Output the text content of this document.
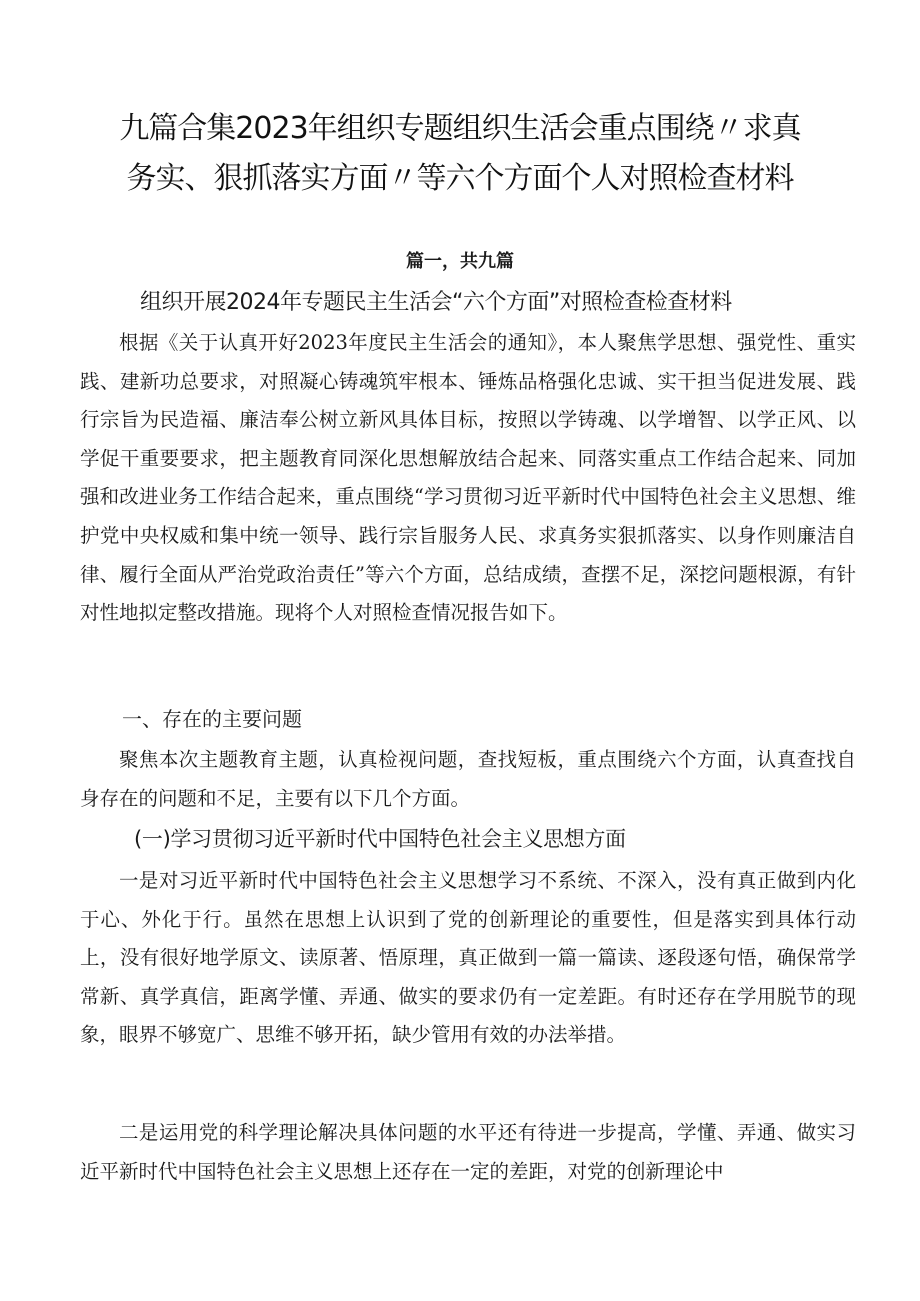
九篇合集2023年组织专题组织生活会重点围绕〃求真
务实、狠抓落实方面〃等六个方面个人对照检查材料
篇一，共九篇
组织开展2024年专题民主生活会“六个方面”对照检查检查材料

根据《关于认真开好2023年度民主生活会的通知》，本人聚焦学思想、强党性、重实践、建新功总要求，对照凝心铸魂筑牢根本、锤炼品格强化忠诚、实干担当促进发展、践行宗旨为民造福、廉洁奉公树立新风具体目标，按照以学铸魂、以学增智、以学正风、以学促干重要要求，把主题教育同深化思想解放结合起来、同落实重点工作结合起来、同加强和改进业务工作结合起来，重点围绕“学习贯彻习近平新时代中国特色社会主义思想、维护党中央权威和集中统一领导、践行宗旨服务人民、求真务实狠抓落实、以身作则廉洁自律、履行全面从严治党政治责任”等六个方面，总结成绩，查摆不足，深挖问题根源，有针对性地拟定整改措施。现将个人对照检查情况报告如下。

一、存在的主要问题

聚焦本次主题教育主题，认真检视问题，查找短板，重点围绕六个方面，认真查找自身存在的问题和不足，主要有以下几个方面。

(一)学习贯彻习近平新时代中国特色社会主义思想方面

一是对习近平新时代中国特色社会主义思想学习不系统、不深入，没有真正做到内化于心、外化于行。虽然在思想上认识到了党的创新理论的重要性，但是落实到具体行动上，没有很好地学原文、读原著、悟原理，真正做到一篇一篇读、逐段逐句悟，确保常学常新、真学真信，距离学懂、弄通、做实的要求仍有一定差距。有时还存在学用脱节的现象，眼界不够宽广、思维不够开拓，缺少管用有效的办法举措。

二是运用党的科学理论解决具体问题的水平还有待进一步提高，学懂、弄通、做实习近平新时代中国特色社会主义思想上还存在一定的差距，对党的创新理论中
